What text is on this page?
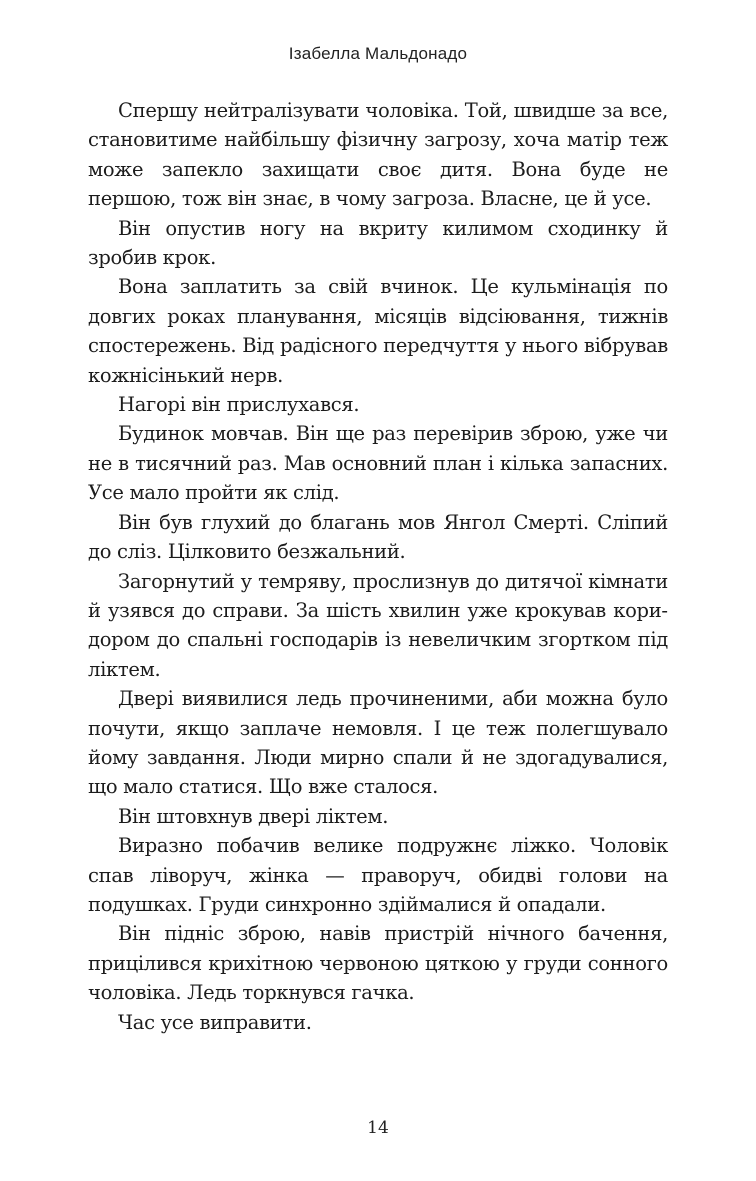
Ізабелла Мальдонадо

Спершу нейтралізувати чоловіка. Той, швидше за все, становитиме найбільшу фізичну загрозу, хоча матір теж може запекло захищати своє дитя. Вона буде не першою, тож він знає, в чому загроза. Власне, це й усе.

Він опустив ногу на вкриту килимом сходинку й зробив крок.

Вона заплатить за свій вчинок. Це кульмінація по довгих роках планування, місяців відсіювання, тижнів спостережень. Від радісного передчуття у нього вібрував кожнісінький нерв.

Нагорі він прислухався.

Будинок мовчав. Він ще раз перевірив зброю, уже чи не в тисячний раз. Мав основний план і кілька запасних. Усе мало пройти як слід.

Він був глухий до благань мов Янгол Смерті. Сліпий до сліз. Цілковито безжальний.

Загорнутий у темряву, прослизнув до дитячої кімнати й узявся до справи. За шість хвилин уже крокував коридором до спальні господарів із невеличким згортком під ліктем.

Двері виявилися ледь прочиненими, аби можна було почути, якщо заплаче немовля. І це теж полегшувало йому завдання. Люди мирно спали й не здогадувалися, що мало статися. Що вже сталося.

Він штовхнув двері ліктем.

Виразно побачив велике подружнє ліжко. Чоловік спав ліворуч, жінка — праворуч, обидві голови на подушках. Груди синхронно здіймалися й опадали.

Він підніс зброю, навів пристрій нічного бачення, прицілився крихітною червоною цяткою у груди сонного чоловіка. Ледь торкнувся гачка.

Час усе виправити.

14
